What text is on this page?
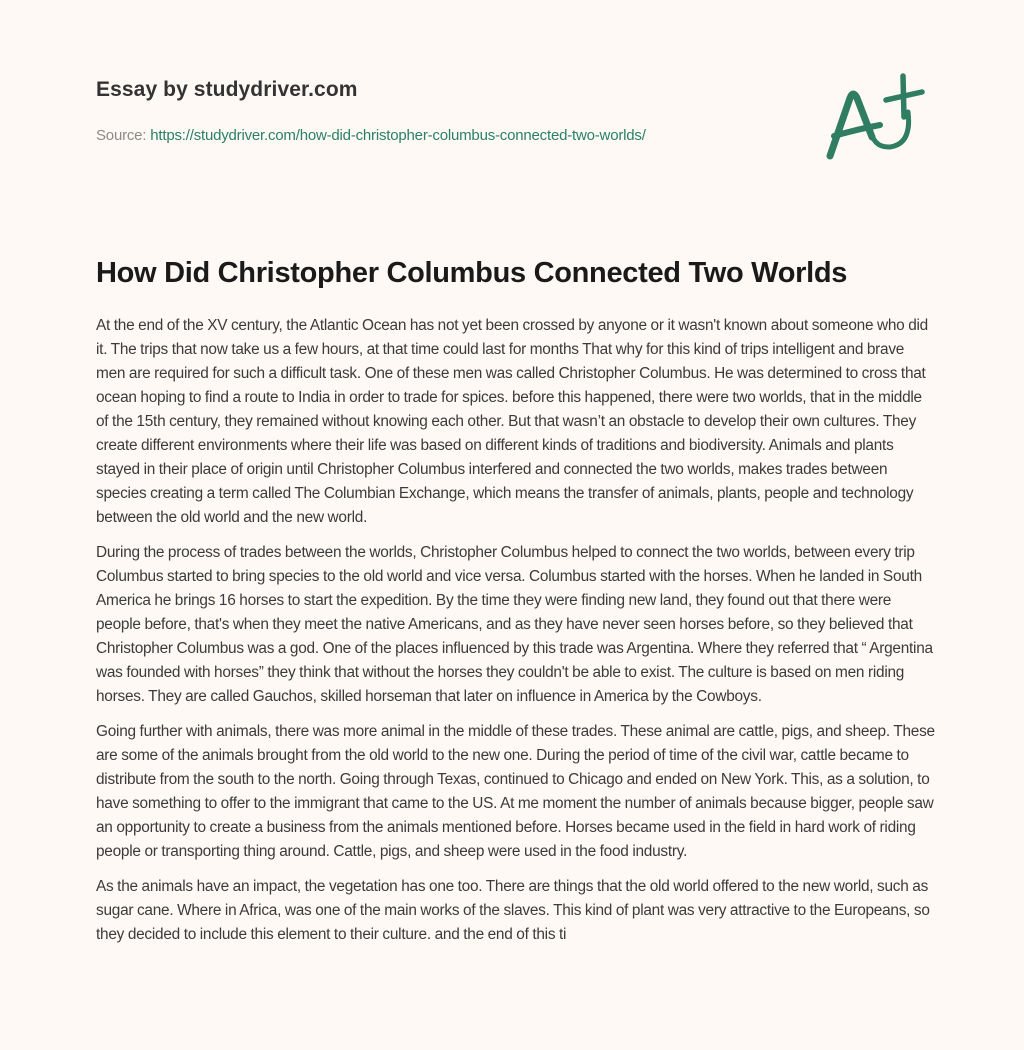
Essay by studydriver.com
Source: https://studydriver.com/how-did-christopher-columbus-connected-two-worlds/
How Did Christopher Columbus Connected Two Worlds

At the end of the XV century, the Atlantic Ocean has not yet been crossed by anyone or it wasn't known about someone who did it. The trips that now take us a few hours, at that time could last for months That why for this kind of trips intelligent and brave men are required for such a difficult task. One of these men was called Christopher Columbus. He was determined to cross that ocean hoping to find a route to India in order to trade for spices. before this happened, there were two worlds, that in the middle of the 15th century, they remained without knowing each other. But that wasn’t an obstacle to develop their own cultures. They create different environments where their life was based on different kinds of traditions and biodiversity. Animals and plants stayed in their place of origin until Christopher Columbus interfered and connected the two worlds, makes trades between species creating a term called The Columbian Exchange, which means the transfer of animals, plants, people and technology between the old world and the new world.

During the process of trades between the worlds, Christopher Columbus helped to connect the two worlds, between every trip Columbus started to bring species to the old world and vice versa. Columbus started with the horses. When he landed in South America he brings 16 horses to start the expedition. By the time they were finding new land, they found out that there were people before, that's when they meet the native Americans, and as they have never seen horses before, so they believed that Christopher Columbus was a god. One of the places influenced by this trade was Argentina. Where they referred that “ Argentina was founded with horses” they think that without the horses they couldn't be able to exist. The culture is based on men riding horses. They are called Gauchos, skilled horseman that later on influence in America by the Cowboys.

Going further with animals, there was more animal in the middle of these trades. These animal are cattle, pigs, and sheep. These are some of the animals brought from the old world to the new one. During the period of time of the civil war, cattle became to distribute from the south to the north. Going through Texas, continued to Chicago and ended on New York. This, as a solution, to have something to offer to the immigrant that came to the US. At me moment the number of animals because bigger, people saw an opportunity to create a business from the animals mentioned before. Horses became used in the field in hard work of riding people or transporting thing around. Cattle, pigs, and sheep were used in the food industry.

As the animals have an impact, the vegetation has one too. There are things that the old world offered to the new world, such as sugar cane. Where in Africa, was one of the main works of the slaves. This kind of plant was very attractive to the Europeans, so they decided to include this element to their culture. and the end of this ti
